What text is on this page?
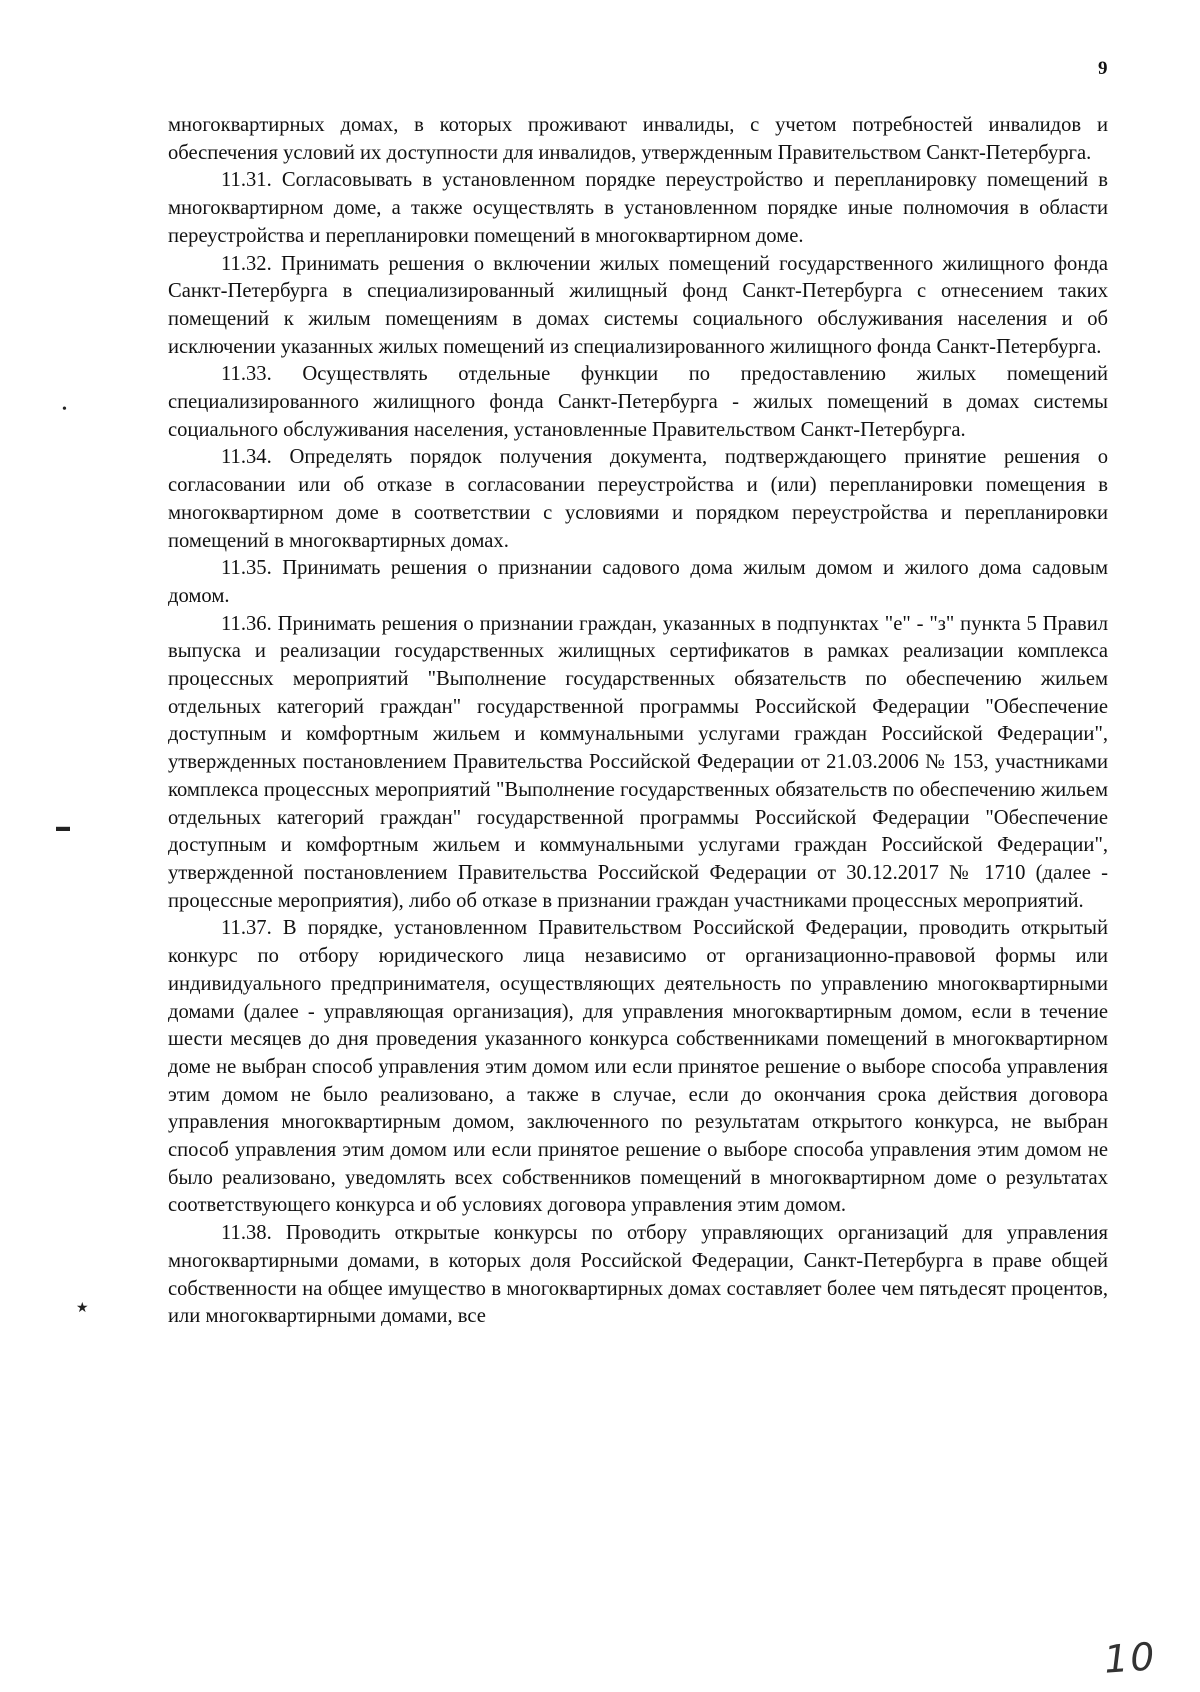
9

многоквартирных домах, в которых проживают инвалиды, с учетом потребностей инвалидов и обеспечения условий их доступности для инвалидов, утвержденным Правительством Санкт-Петербурга.

11.31. Согласовывать в установленном порядке переустройство и перепланировку помещений в многоквартирном доме, а также осуществлять в установленном порядке иные полномочия в области переустройства и перепланировки помещений в многоквартирном доме.

11.32. Принимать решения о включении жилых помещений государственного жилищного фонда Санкт-Петербурга в специализированный жилищный фонд Санкт-Петербурга с отнесением таких помещений к жилым помещениям в домах системы социального обслуживания населения и об исключении указанных жилых помещений из специализированного жилищного фонда Санкт-Петербурга.

11.33. Осуществлять отдельные функции по предоставлению жилых помещений специализированного жилищного фонда Санкт-Петербурга - жилых помещений в домах системы социального обслуживания населения, установленные Правительством Санкт-Петербурга.

11.34. Определять порядок получения документа, подтверждающего принятие решения о согласовании или об отказе в согласовании переустройства и (или) перепланировки помещения в многоквартирном доме в соответствии с условиями и порядком переустройства и перепланировки помещений в многоквартирных домах.

11.35. Принимать решения о признании садового дома жилым домом и жилого дома садовым домом.

11.36. Принимать решения о признании граждан, указанных в подпунктах "е" - "з" пункта 5 Правил выпуска и реализации государственных жилищных сертификатов в рамках реализации комплекса процессных мероприятий "Выполнение государственных обязательств по обеспечению жильем отдельных категорий граждан" государственной программы Российской Федерации "Обеспечение доступным и комфортным жильем и коммунальными услугами граждан Российской Федерации", утвержденных постановлением Правительства Российской Федерации от 21.03.2006 № 153, участниками комплекса процессных мероприятий "Выполнение государственных обязательств по обеспечению жильем отдельных категорий граждан" государственной программы Российской Федерации "Обеспечение доступным и комфортным жильем и коммунальными услугами граждан Российской Федерации", утвержденной постановлением Правительства Российской Федерации от 30.12.2017 № 1710 (далее - процессные мероприятия), либо об отказе в признании граждан участниками процессных мероприятий.

11.37. В порядке, установленном Правительством Российской Федерации, проводить открытый конкурс по отбору юридического лица независимо от организационно-правовой формы или индивидуального предпринимателя, осуществляющих деятельность по управлению многоквартирными домами (далее - управляющая организация), для управления многоквартирным домом, если в течение шести месяцев до дня проведения указанного конкурса собственниками помещений в многоквартирном доме не выбран способ управления этим домом или если принятое решение о выборе способа управления этим домом не было реализовано, а также в случае, если до окончания срока действия договора управления многоквартирным домом, заключенного по результатам открытого конкурса, не выбран способ управления этим домом или если принятое решение о выборе способа управления этим домом не было реализовано, уведомлять всех собственников помещений в многоквартирном доме о результатах соответствующего конкурса и об условиях договора управления этим домом.

11.38. Проводить открытые конкурсы по отбору управляющих организаций для управления многоквартирными домами, в которых доля Российской Федерации, Санкт-Петербурга в праве общей собственности на общее имущество в многоквартирных домах составляет более чем пятьдесят процентов, или многоквартирными домами, все

•
▬
★
10
